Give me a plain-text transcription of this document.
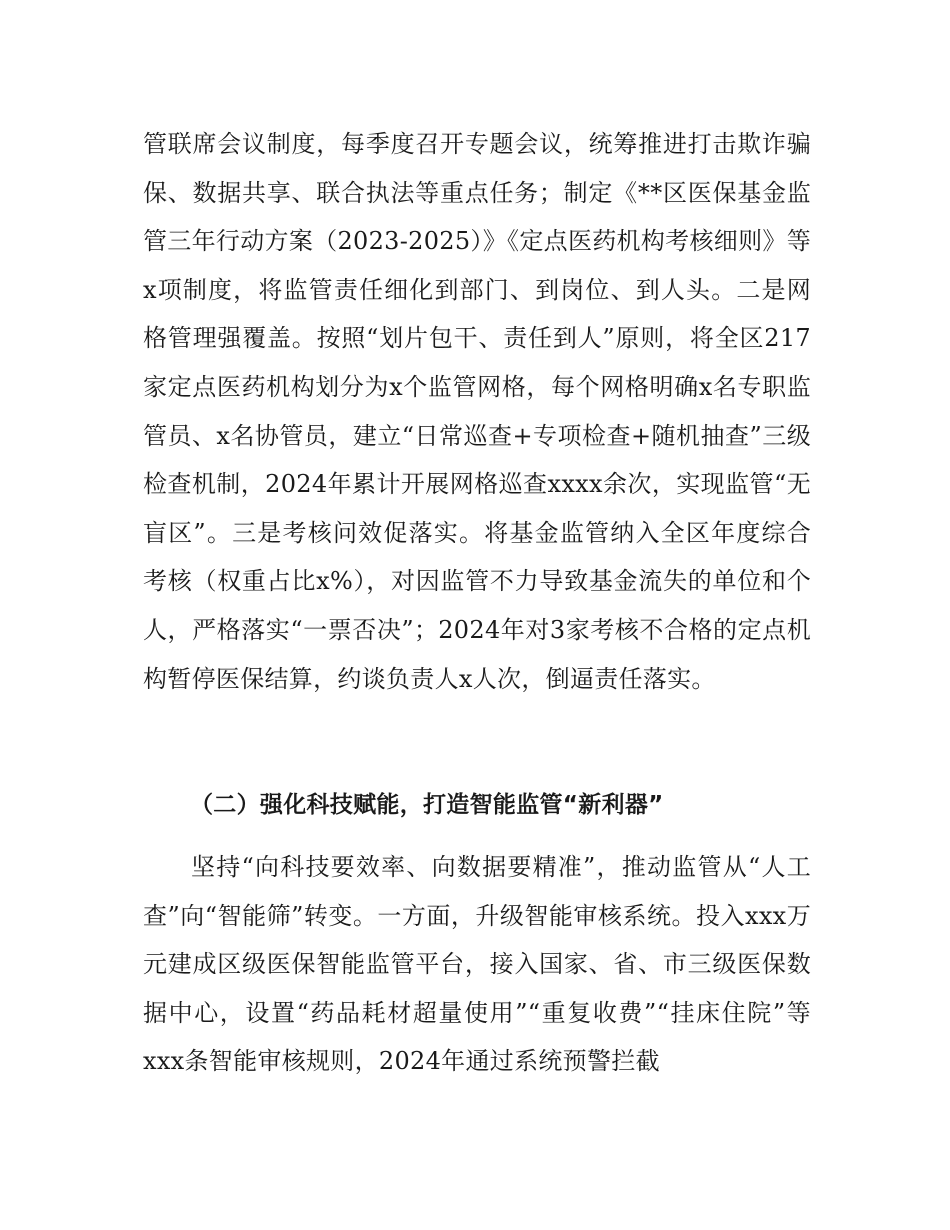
管联席会议制度，每季度召开专题会议，统筹推进打击欺诈骗保、数据共享、联合执法等重点任务；制定《**区医保基金监管三年行动方案（2023-2025）》《定点医药机构考核细则》等x项制度，将监管责任细化到部门、到岗位、到人头。二是网格管理强覆盖。按照“划片包干、责任到人”原则，将全区217家定点医药机构划分为x个监管网格，每个网格明确x名专职监管员、x名协管员，建立“日常巡查+专项检查+随机抽查”三级检查机制，2024年累计开展网格巡查xxxx余次，实现监管“无盲区”。三是考核问效促落实。将基金监管纳入全区年度综合考核（权重占比x%），对因监管不力导致基金流失的单位和个人，严格落实“一票否决”；2024年对3家考核不合格的定点机构暂停医保结算，约谈负责人x人次，倒逼责任落实。

（二）强化科技赋能，打造智能监管“新利器”

坚持“向科技要效率、向数据要精准”，推动监管从“人工查”向“智能筛”转变。一方面，升级智能审核系统。投入xxx万元建成区级医保智能监管平台，接入国家、省、市三级医保数据中心，设置“药品耗材超量使用”“重复收费”“挂床住院”等xxx条智能审核规则，2024年通过系统预警拦截
